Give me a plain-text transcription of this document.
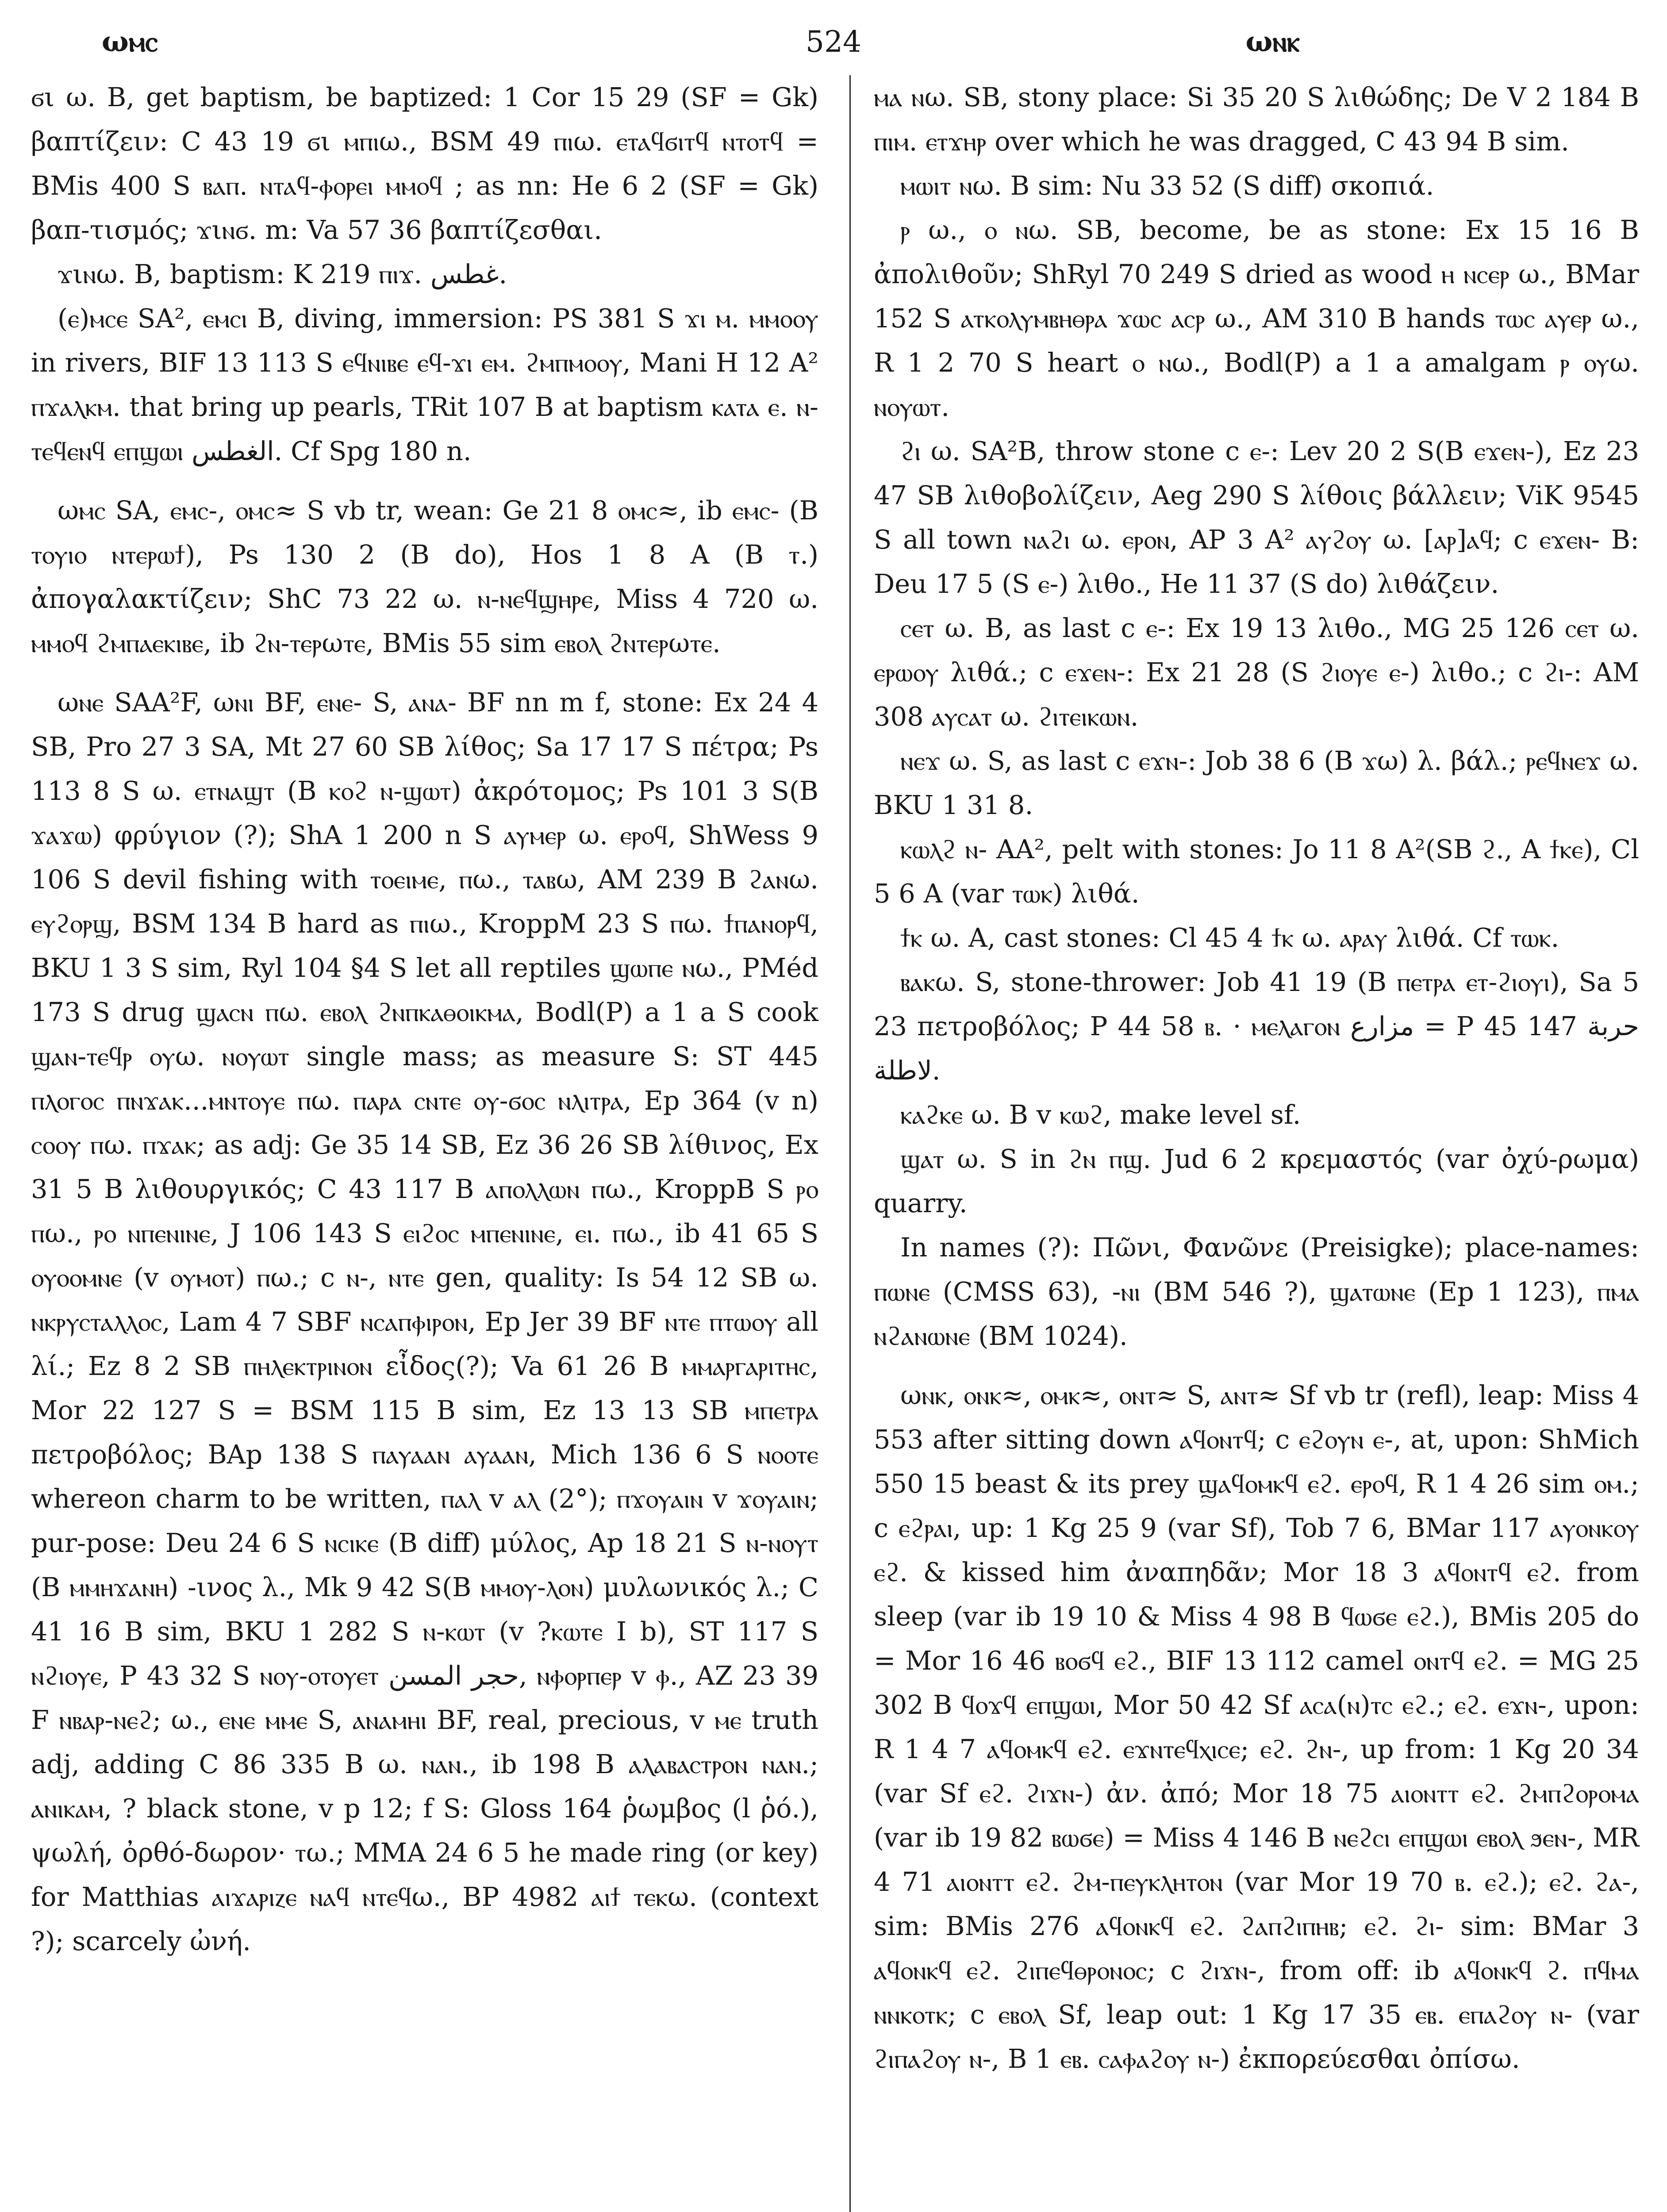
ωⲙⲥ	524	ωⲛⲕ

ϭι ω. B, get baptism, be baptized: 1 Cor 15 29 (SF = Gk) βαπτίζειν: C 43 19 ϭι ⲙⲡⲓω., BSM 49 ⲡⲓω. ⲉⲧⲁϥϭⲓⲧϥ ⲛⲧⲟⲧϥ = BMis 400 S ⲃⲁⲡ. ⲛⲧⲁϥ-ⲫⲟⲣⲉⲓ ⲙⲙⲟϥ ; as nn: He 6 2 (SF = Gk) βαπ-τισμός; ϫιⲛϭ. m: Va 57 36 βαπτίζεσθαι.

ϫιⲛω. B, baptism: K 219 ⲡⲓϫ. ﻏﻄﺲ.

(ⲉ)ⲙⲥⲉ SA², ⲉⲙⲥⲓ B, diving, immersion: PS 381 S ϫⲓ ⲙ. ⲙⲙⲟⲟⲩ in rivers, BIF 13 113 S ⲉϥⲛⲓⲃⲉ ⲉϥ-ϫⲓ ⲉⲙ. ϩⲙⲡⲙⲟⲟⲩ, Mani H 12 A² ⲡϫⲁⲗⲕⲙ. that bring up pearls, TRit 107 B at baptism ⲕⲁⲧⲁ ⲉ. ⲛ-ⲧⲉϥⲉⲛϥ ⲉⲡϣⲱⲓ ﺍﻟﻐﻄﺲ. Cf Spg 180 n.

ωⲙⲥ SA, ⲉⲙⲥ-, ⲟⲙⲥ≈ S vb tr, wean: Ge 21 8 ⲟⲙⲥ≈, ib ⲉⲙⲥ- (B ⲧⲟⲩⲓⲟ ⲛⲧⲉⲣⲱϯ), Ps 130 2 (B do), Hos 1 8 A (B ⲧ.) ἀπογαλακτίζειν; ShC 73 22 ω. ⲛ-ⲛⲉϥϣⲏⲣⲉ, Miss 4 720 ω. ⲙⲙⲟϥ ϩⲙⲡⲁⲉⲕⲓⲃⲉ, ib ϩⲛ-ⲧⲉⲣωⲧⲉ, BMis 55 sim ⲉⲃⲟⲗ ϩⲛⲧⲉⲣωⲧⲉ.

ωⲛⲉ SAA²F, ωⲛⲓ BF, ⲉⲛⲉ- S, ⲁⲛⲁ- BF nn m f, stone: Ex 24 4 SB, Pro 27 3 SA, Mt 27 60 SB λίθος; Sa 17 17 S πέτρα; Ps 113 8 S ω. ⲉⲧⲛⲁϣⲧ (B ⲕⲟϩ ⲛ-ϣⲱⲧ) ἀκρότομος; Ps 101 3 S(B ϫⲁϫⲱ) φρύγιον (?); ShA 1 200 n S ⲁⲩⲙⲉⲣ ω. ⲉⲣⲟϥ, ShWess 9 106 S devil fishing with ⲧⲟⲉⲓⲙⲉ, ⲡω., ⲧⲁⲃω, AM 239 B ϩⲁⲛω. ⲉⲩϩⲟⲣϣ, BSM 134 B hard as ⲡⲓω., KroppM 23 S ⲡω. ϯⲡⲁⲛⲟⲣϥ, BKU 1 3 S sim, Ryl 104 §4 S let all reptiles ϣⲱⲡⲉ ⲛω., PMéd 173 S drug ϣⲁⲥⲛ ⲡω. ⲉⲃⲟⲗ ϩⲛⲡⲕⲁⲑⲟⲓⲕⲙⲁ, Bodl(P) a 1 a S cook ϣⲁⲛ-ⲧⲉϥⲣ ⲟⲩω. ⲛⲟⲩⲱⲧ single mass; as measure S: ST 445 ⲡⲗⲟⲅⲟⲥ ⲡⲛϫⲁⲕ...ⲙⲛⲧⲟⲩⲉ ⲡω. ⲡⲁⲣⲁ ⲥⲛⲧⲉ ⲟⲩ-ϭⲟⲥ ⲛⲗⲓⲧⲣⲁ, Ep 364 (v n) ⲥⲟⲟⲩ ⲡω. ⲡϫⲁⲕ; as adj: Ge 35 14 SB, Ez 36 26 SB λίθινος, Ex 31 5 B λιθουργικός; C 43 117 B ⲁⲡⲟⲗⲗⲱⲛ ⲡω., KroppB S ⲣⲟ ⲡω., ⲣⲟ ⲛⲡⲉⲛⲓⲛⲉ, J 106 143 S ⲉⲓϩⲟⲥ ⲙⲡⲉⲛⲓⲛⲉ, ⲉⲓ. ⲡω., ib 41 65 S ⲟⲩⲟⲟⲙⲛⲉ (v ⲟⲩⲙⲟⲧ) ⲡω.; c ⲛ-, ⲛⲧⲉ gen, quality: Is 54 12 SB ω. ⲛⲕⲣⲩⲥⲧⲁⲗⲗⲟⲥ, Lam 4 7 SBF ⲛⲥⲁⲡⲫⲓⲣⲟⲛ, Ep Jer 39 BF ⲛⲧⲉ ⲡⲧⲱⲟⲩ all λί.; Ez 8 2 SB ⲡⲏⲗⲉⲕⲧⲣⲓⲛⲟⲛ εἶδος(?); Va 61 26 B ⲙⲙⲁⲣⲅⲁⲣⲓⲧⲏⲥ, Mor 22 127 S = BSM 115 B sim, Ez 13 13 SB ⲙⲡⲉⲧⲣⲁ πετροβόλος; BAp 138 S ⲡⲁⲩⲁⲁⲛ ⲁⲩⲁⲁⲛ, Mich 136 6 S ⲛⲟⲟⲧⲉ whereon charm to be written, ⲡⲁⲗ v ⲁⲗ (2°); ⲡϫⲟⲩⲁⲓⲛ v ϫⲟⲩⲁⲓⲛ; pur-pose: Deu 24 6 S ⲛⲥⲓⲕⲉ (B diff) μύλος, Ap 18 21 S ⲛ-ⲛⲟⲩⲧ (B ⲙⲙⲏϫⲁⲛⲏ) -ινος λ., Mk 9 42 S(B ⲙⲙⲟⲩ-ⲗⲟⲛ) μυλωνικός λ.; C 41 16 B sim, BKU 1 282 S ⲛ-ⲕⲱⲧ (v ?ⲕⲱⲧⲉ I b), ST 117 S ⲛϩⲓⲟⲩⲉ, P 43 32 S ⲛⲟⲩ-ⲟⲧⲟⲩⲉⲧ ﺣﺠﺮ ﺍﻟﻤﺴﻦ, ⲛⲫⲟⲣⲡⲉⲣ v ⲫ., AZ 23 39 F ⲛⲃⲁⲣ-ⲛⲉϩ; ω., ⲉⲛⲉ ⲙⲙⲉ S, ⲁⲛⲁⲙⲏⲓ BF, real, precious, v ⲙⲉ truth adj, adding C 86 335 B ω. ⲛⲁⲛ., ib 198 B ⲁⲗⲁⲃⲁⲥⲧⲣⲟⲛ ⲛⲁⲛ.; ⲁⲛⲓⲕⲁⲙ, ? black stone, v p 12; f S: Gloss 164 ῥωμβος (l ῥό.), ψωλή, ὀρθό-δωρον· ⲧω.; MMA 24 6 5 he made ring (or key) for Matthias ⲁⲓϫⲁⲣⲓⲍⲉ ⲛⲁϥ ⲛⲧⲉϥω., BP 4982 ⲁⲓϯ ⲧⲉⲕω. (context ?); scarcely ὠνή.

ⲙⲁ ⲛω. SB, stony place: Si 35 20 S λιθώδης; De V 2 184 B ⲡⲓⲙ. ⲉⲧϫⲏⲣ over which he was dragged, C 43 94 B sim.

ⲙⲱⲓⲧ ⲛω. B sim: Nu 33 52 (S diff) σκοπιά.

ⲣ ω., ⲟ ⲛω. SB, become, be as stone: Ex 15 16 B ἀπολιθοῦν; ShRyl 70 249 S dried as wood ⲏ ⲛⲥⲉⲣ ω., BMar 152 S ⲁⲧⲕⲟⲗⲩⲙⲃⲏⲑⲣⲁ ϫⲱⲥ ⲁⲥⲣ ω., AM 310 B hands ⲧⲱⲥ ⲁⲩⲉⲣ ω., R 1 2 70 S heart ⲟ ⲛω., Bodl(P) a 1 a amalgam ⲣ ⲟⲩω. ⲛⲟⲩⲱⲧ.

ϩⲓ ω. SA²B, throw stone c ⲉ-: Lev 20 2 S(B ⲉϫⲉⲛ-), Ez 23 47 SB λιθοβολίζειν, Aeg 290 S λίθοις βάλλειν; ViK 9545 S all town ⲛⲁϩⲓ ω. ⲉⲣⲟⲛ, AP 3 A² ⲁⲩϩⲟⲩ ω. [ⲁⲣ]ⲁϥ; c ⲉϫⲉⲛ- B: Deu 17 5 (S ⲉ-) λιθο., He 11 37 (S do) λιθάζειν.

ⲥⲉⲧ ω. B, as last c ⲉ-: Ex 19 13 λιθο., MG 25 126 ⲥⲉⲧ ω. ⲉⲣⲱⲟⲩ λιθά.; c ⲉϫⲉⲛ-: Ex 21 28 (S ϩⲓⲟⲩⲉ ⲉ-) λιθο.; c ϩⲓ-: AM 308 ⲁⲩⲥⲁⲧ ω. ϩⲓⲧⲉⲓⲕⲱⲛ.

ⲛⲉϫ ω. S, as last c ⲉϫⲛ-: Job 38 6 (B ϫω) λ. βάλ.; ⲣⲉϥⲛⲉϫ ω. BKU 1 31 8.

ⲕⲱⲗϩ ⲛ- AA², pelt with stones: Jo 11 8 A²(SB ϩ., A ϯⲕⲉ), Cl 5 6 A (var ⲧⲱⲕ) λιθά.

ϯⲕ ω. A, cast stones: Cl 45 4 ϯⲕ ω. ⲁⲣⲁⲩ λιθά. Cf ⲧⲱⲕ.

ⲃⲁⲕω. S, stone-thrower: Job 41 19 (B ⲡⲉⲧⲣⲁ ⲉⲧ-ϩⲓⲟⲩⲓ), Sa 5 23 πετροβόλος; P 44 58 ⲃ. · ⲙⲉⲗⲁⲅⲟⲛ ﻣﺰﺍﺭﻉ = P 45 147 ﺣﺮﺑﺔ ﻻﻃﻠﺔ.

ⲕⲁϩⲕⲉ ω. B v ⲕⲱϩ, make level sf.

ϣⲁⲧ ω. S in ϩⲛ ⲡϣ. Jud 6 2 κρεμαστός (var ὀχύ-ρωμα) quarry.

In names (?): Πῶνι, Φανῶνε (Preisigke); place-names: ⲡⲱⲛⲉ (CMSS 63), -ⲛⲓ (BM 546 ?), ϣⲁⲧⲱⲛⲉ (Ep 1 123), ⲡⲙⲁ ⲛϩⲁⲛⲱⲛⲉ (BM 1024).

ωⲛⲕ, ⲟⲛⲕ≈, ⲟⲙⲕ≈, ⲟⲛⲧ≈ S, ⲁⲛⲧ≈ Sf vb tr (refl), leap: Miss 4 553 after sitting down ⲁϥⲟⲛⲧϥ; c ⲉϩⲟⲩⲛ ⲉ-, at, upon: ShMich 550 15 beast & its prey ϣⲁϥⲟⲙⲕϥ ⲉϩ. ⲉⲣⲟϥ, R 1 4 26 sim ⲟⲙ.; c ⲉϩⲣⲁⲓ, up: 1 Kg 25 9 (var Sf), Tob 7 6, BMar 117 ⲁⲩⲟⲛⲕⲟⲩ ⲉϩ. & kissed him ἀναπηδᾶν; Mor 18 3 ⲁϥⲟⲛⲧϥ ⲉϩ. from sleep (var ib 19 10 & Miss 4 98 B ϥⲱϭⲉ ⲉϩ.), BMis 205 do = Mor 16 46 ⲃⲟϭϥ ⲉϩ., BIF 13 112 camel ⲟⲛⲧϥ ⲉϩ. = MG 25 302 B ϥⲟϫϥ ⲉⲡϣⲱⲓ, Mor 50 42 Sf ⲁⲥⲁ(ⲛ)ⲧⲥ ⲉϩ.; ⲉϩ. ⲉϫⲛ-, upon: R 1 4 7 ⲁϥⲟⲙⲕϥ ⲉϩ. ⲉϫⲛⲧⲉϥⲭⲓⲥⲉ; ⲉϩ. ϩⲛ-, up from: 1 Kg 20 34 (var Sf ⲉϩ. ϩⲓϫⲛ-) ἀν. ἀπό; Mor 18 75 ⲁⲓⲟⲛⲧⲧ ⲉϩ. ϩⲙⲡϩⲟⲣⲟⲙⲁ (var ib 19 82 ⲃⲱϭⲉ) = Miss 4 146 B ⲛⲉϩⲥⲓ ⲉⲡϣⲱⲓ ⲉⲃⲟⲗ ϧⲉⲛ-, MR 4 71 ⲁⲓⲟⲛⲧⲧ ⲉϩ. ϩⲙ-ⲡⲉⲩⲕⲗⲏⲧⲟⲛ (var Mor 19 70 ⲃ. ⲉϩ.); ⲉϩ. ϩⲁ-, sim: BMis 276 ⲁϥⲟⲛⲕϥ ⲉϩ. ϩⲁⲡϩⲓⲡⲏⲃ; ⲉϩ. ϩⲓ- sim: BMar 3 ⲁϥⲟⲛⲕϥ ⲉϩ. ϩⲓⲡⲉϥⲑⲣⲟⲛⲟⲥ; c ϩⲓϫⲛ-, from off: ib ⲁϥⲟⲛⲕϥ ϩ. ⲡϥⲙⲁ ⲛⲛⲕⲟⲧⲕ; c ⲉⲃⲟⲗ Sf, leap out: 1 Kg 17 35 ⲉⲃ. ⲉⲡⲁϩⲟⲩ ⲛ- (var ϩⲓⲡⲁϩⲟⲩ ⲛ-, B 1 ⲉⲃ. ⲥⲁⲫⲁϩⲟⲩ ⲛ-) ἐκπορεύεσθαι ὀπίσω.
